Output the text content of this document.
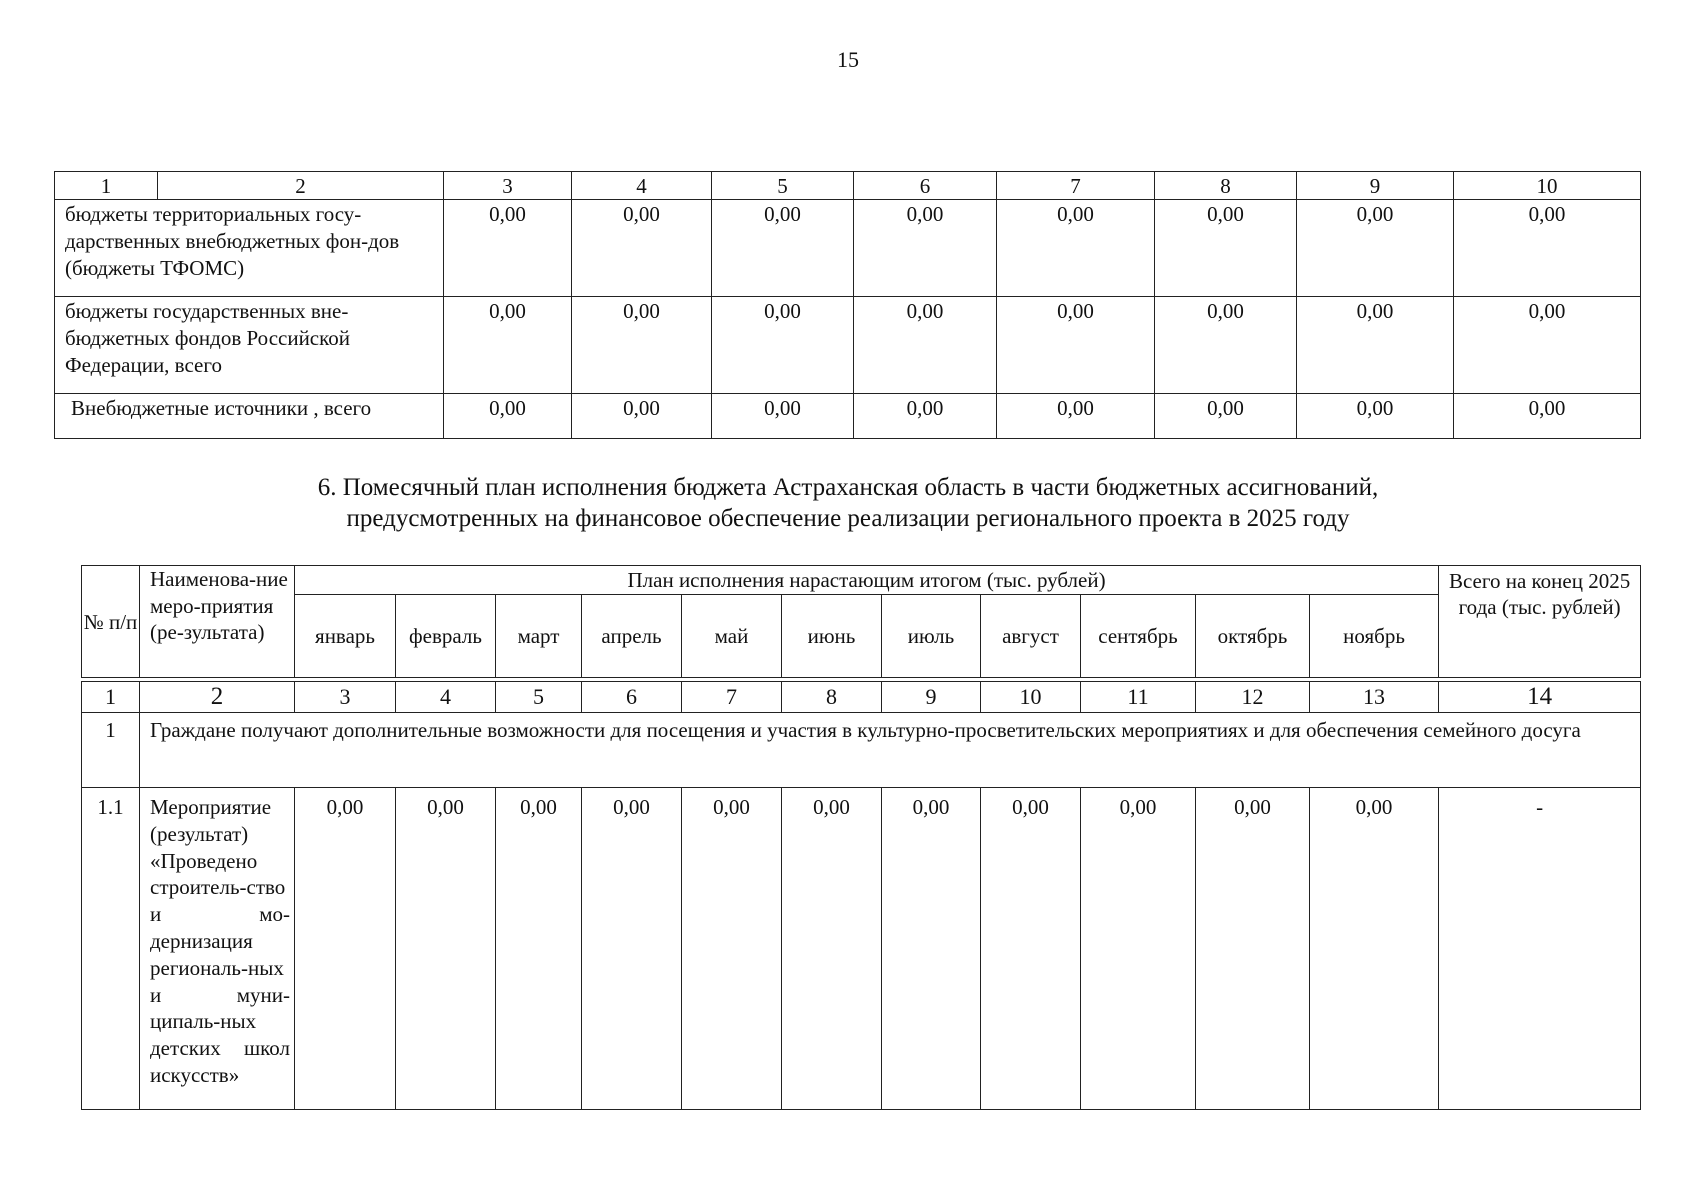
15
1	2	3	4	5	6	7	8	9	10
бюджеты территориальных госу-дарственных внебюджетных фон-дов (бюджеты ТФОМС)		0,00	0,00	0,00	0,00	0,00	0,00	0,00	0,00
бюджеты государственных вне-бюджетных фондов Российской Федерации, всего		0,00	0,00	0,00	0,00	0,00	0,00	0,00	0,00
Внебюджетные источники , всего		0,00	0,00	0,00	0,00	0,00	0,00	0,00	0,00
6. Помесячный план исполнения бюджета Астраханская область в части бюджетных ассигнований,
предусмотренных на финансовое обеспечение реализации регионального проекта в 2025 году
№ п/п	Наименова-ние меро-приятия (ре-зультата)	План исполнения нарастающим итогом (тыс. рублей)											Всего на конец 2025 года (тыс. рублей)
		январь	февраль	март	апрель	май	июнь	июль	август	сентябрь	октябрь	ноябрь	

1	2	3	4	5	6	7	8	9	10	11	12	13	14
1	Граждане получают дополнительные возможности для посещения и участия в культурно-просветительских мероприятиях и для обеспечения семейного досуга												
1.1	Мероприятие (результат) «Проведено строитель-ство и мо-дернизация региональ-ных и муни-ципаль-ных детских школ искусств»	0,00	0,00	0,00	0,00	0,00	0,00	0,00	0,00	0,00	0,00	0,00	-
